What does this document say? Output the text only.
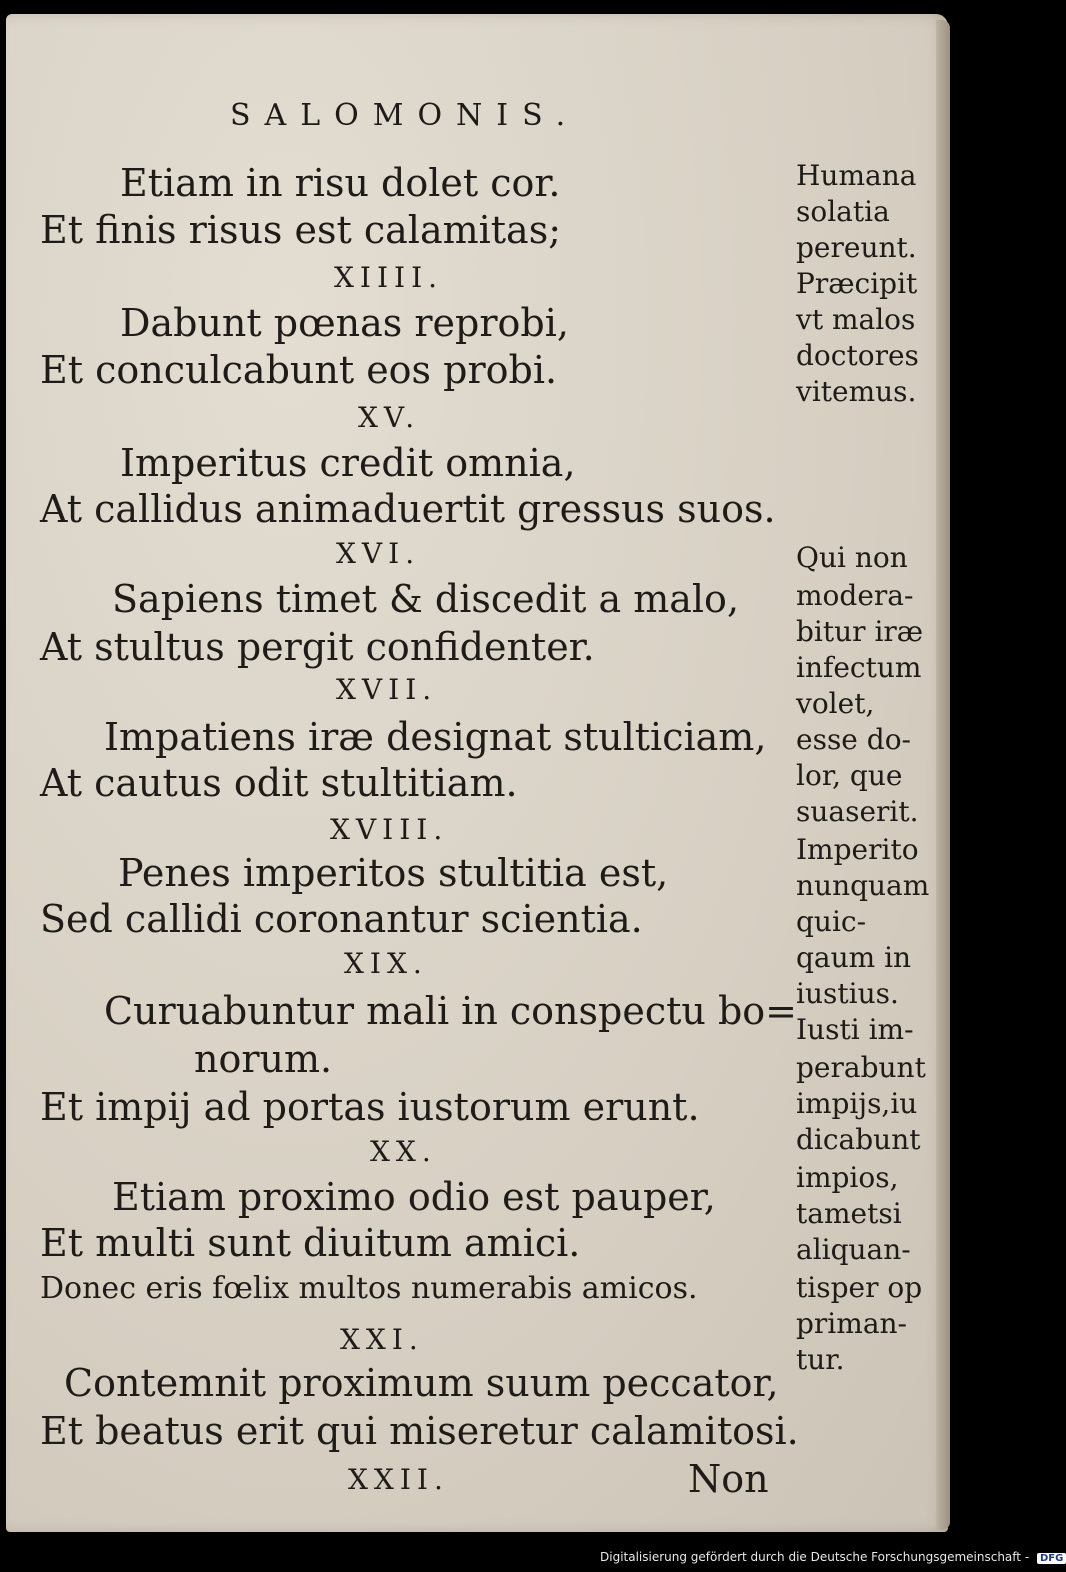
SALOMONIS.
Etiam in risu dolet cor.
Et finis risus est calamitas;
XIIII.
Dabunt pœnas reprobi,
Et conculcabunt eos probi.
XV.
Imperitus credit omnia,
At callidus animaduertit gressus suos.
XVI.
Sapiens timet & discedit a malo,
At stultus pergit confidenter.
XVII.
Impatiens iræ designat stulticiam,
At cautus odit stultitiam.
XVIII.
Penes imperitos stultitia est,
Sed callidi coronantur scientia.
XIX.
Curuabuntur mali in conspectu bo=
norum.
Et impij ad portas iustorum erunt.
XX.
Etiam proximo odio est pauper,
Et multi sunt diuitum amici.
Donec eris fœlix multos numerabis amicos.
XXI.
Contemnit proximum suum peccator,
Et beatus erit qui miseretur calamitosi.
XXII.
Humana
solatia
pereunt.
Præcipit
vt malos
doctores
vitemus.
Qui non
modera-
bitur iræ
infectum
volet,
esse do-
lor, que
suaserit.
Imperito
nunquam
quic-
qaum in
iustius.
Iusti im-
perabunt
impijs,iu
dicabunt
impios,
tametsi
aliquan-
tisper op
priman-
tur.
Non
Digitalisierung gefördert durch die Deutsche Forschungsgemeinschaft - DFG
